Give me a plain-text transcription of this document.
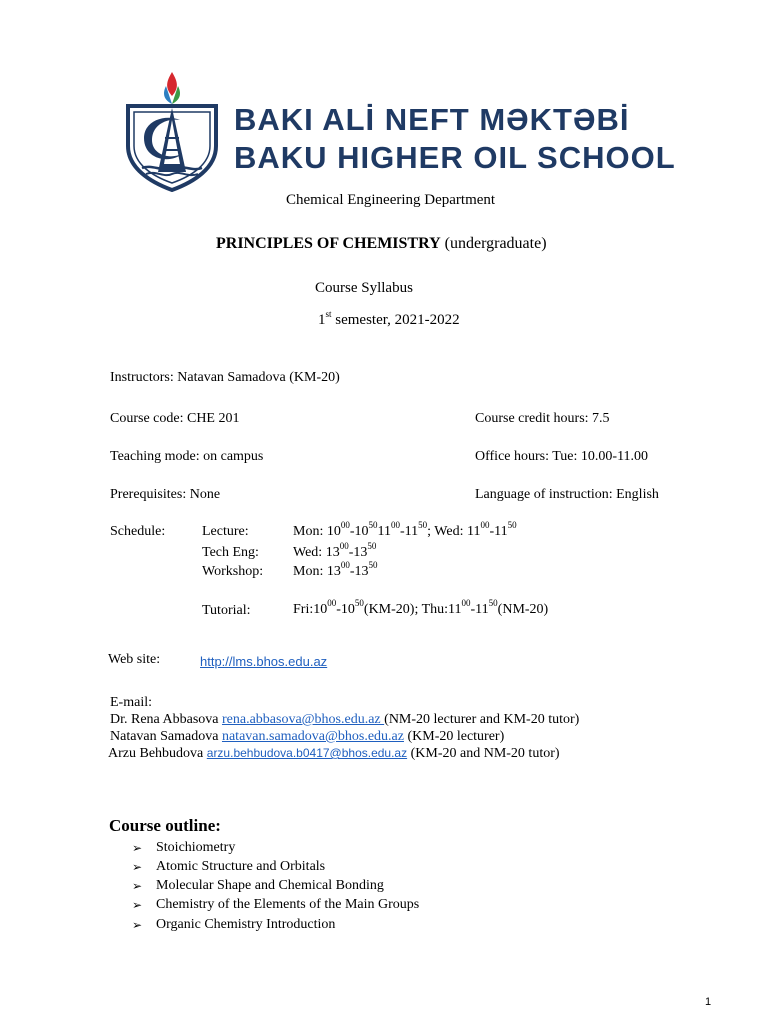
BAKI ALİ NEFT MƏKTƏBİ
BAKU HIGHER OIL SCHOOL
Chemical Engineering Department
PRINCIPLES OF CHEMISTRY (undergraduate)
Course Syllabus
1st semester, 2021-2022
Instructors: Natavan Samadova (KM-20)
Course code: CHE 201	Course credit hours: 7.5
Teaching mode: on campus	Office hours: Tue: 10.00-11.00
Prerequisites: None	Language of instruction: English
Schedule:	Lecture:	Mon: $10^{00}-10^{50}11^{00}-11^{50}$; Wed: $11^{00}-11^{50}$
Tech Eng: Wed: $13^{00}-13^{50}$
Workshop: Mon: $13^{00}-13^{50}$
Tutorial:	$Fri:10^{00}-10^{50}(KM-20)$; $Thu:11^{00}-11^{50}(NM-20)$
Web site:	http://lms.bhos.edu.az
E-mail:
Dr. Rena Abbasova rena.abbasova@bhos.edu.az (NM-20 lecturer and KM-20 tutor)
Natavan Samadova natavan.samadova@bhos.edu.az (KM-20 lecturer)
Arzu Behbudova arzu.behbudova.b0417@bhos.edu.az (KM-20 and NM-20 tutor)
Course outline:
➢ Stoichiometry
➢ Atomic Structure and Orbitals
➢ Molecular Shape and Chemical Bonding
➢ Chemistry of the Elements of the Main Groups
➢ Organic Chemistry Introduction
1
